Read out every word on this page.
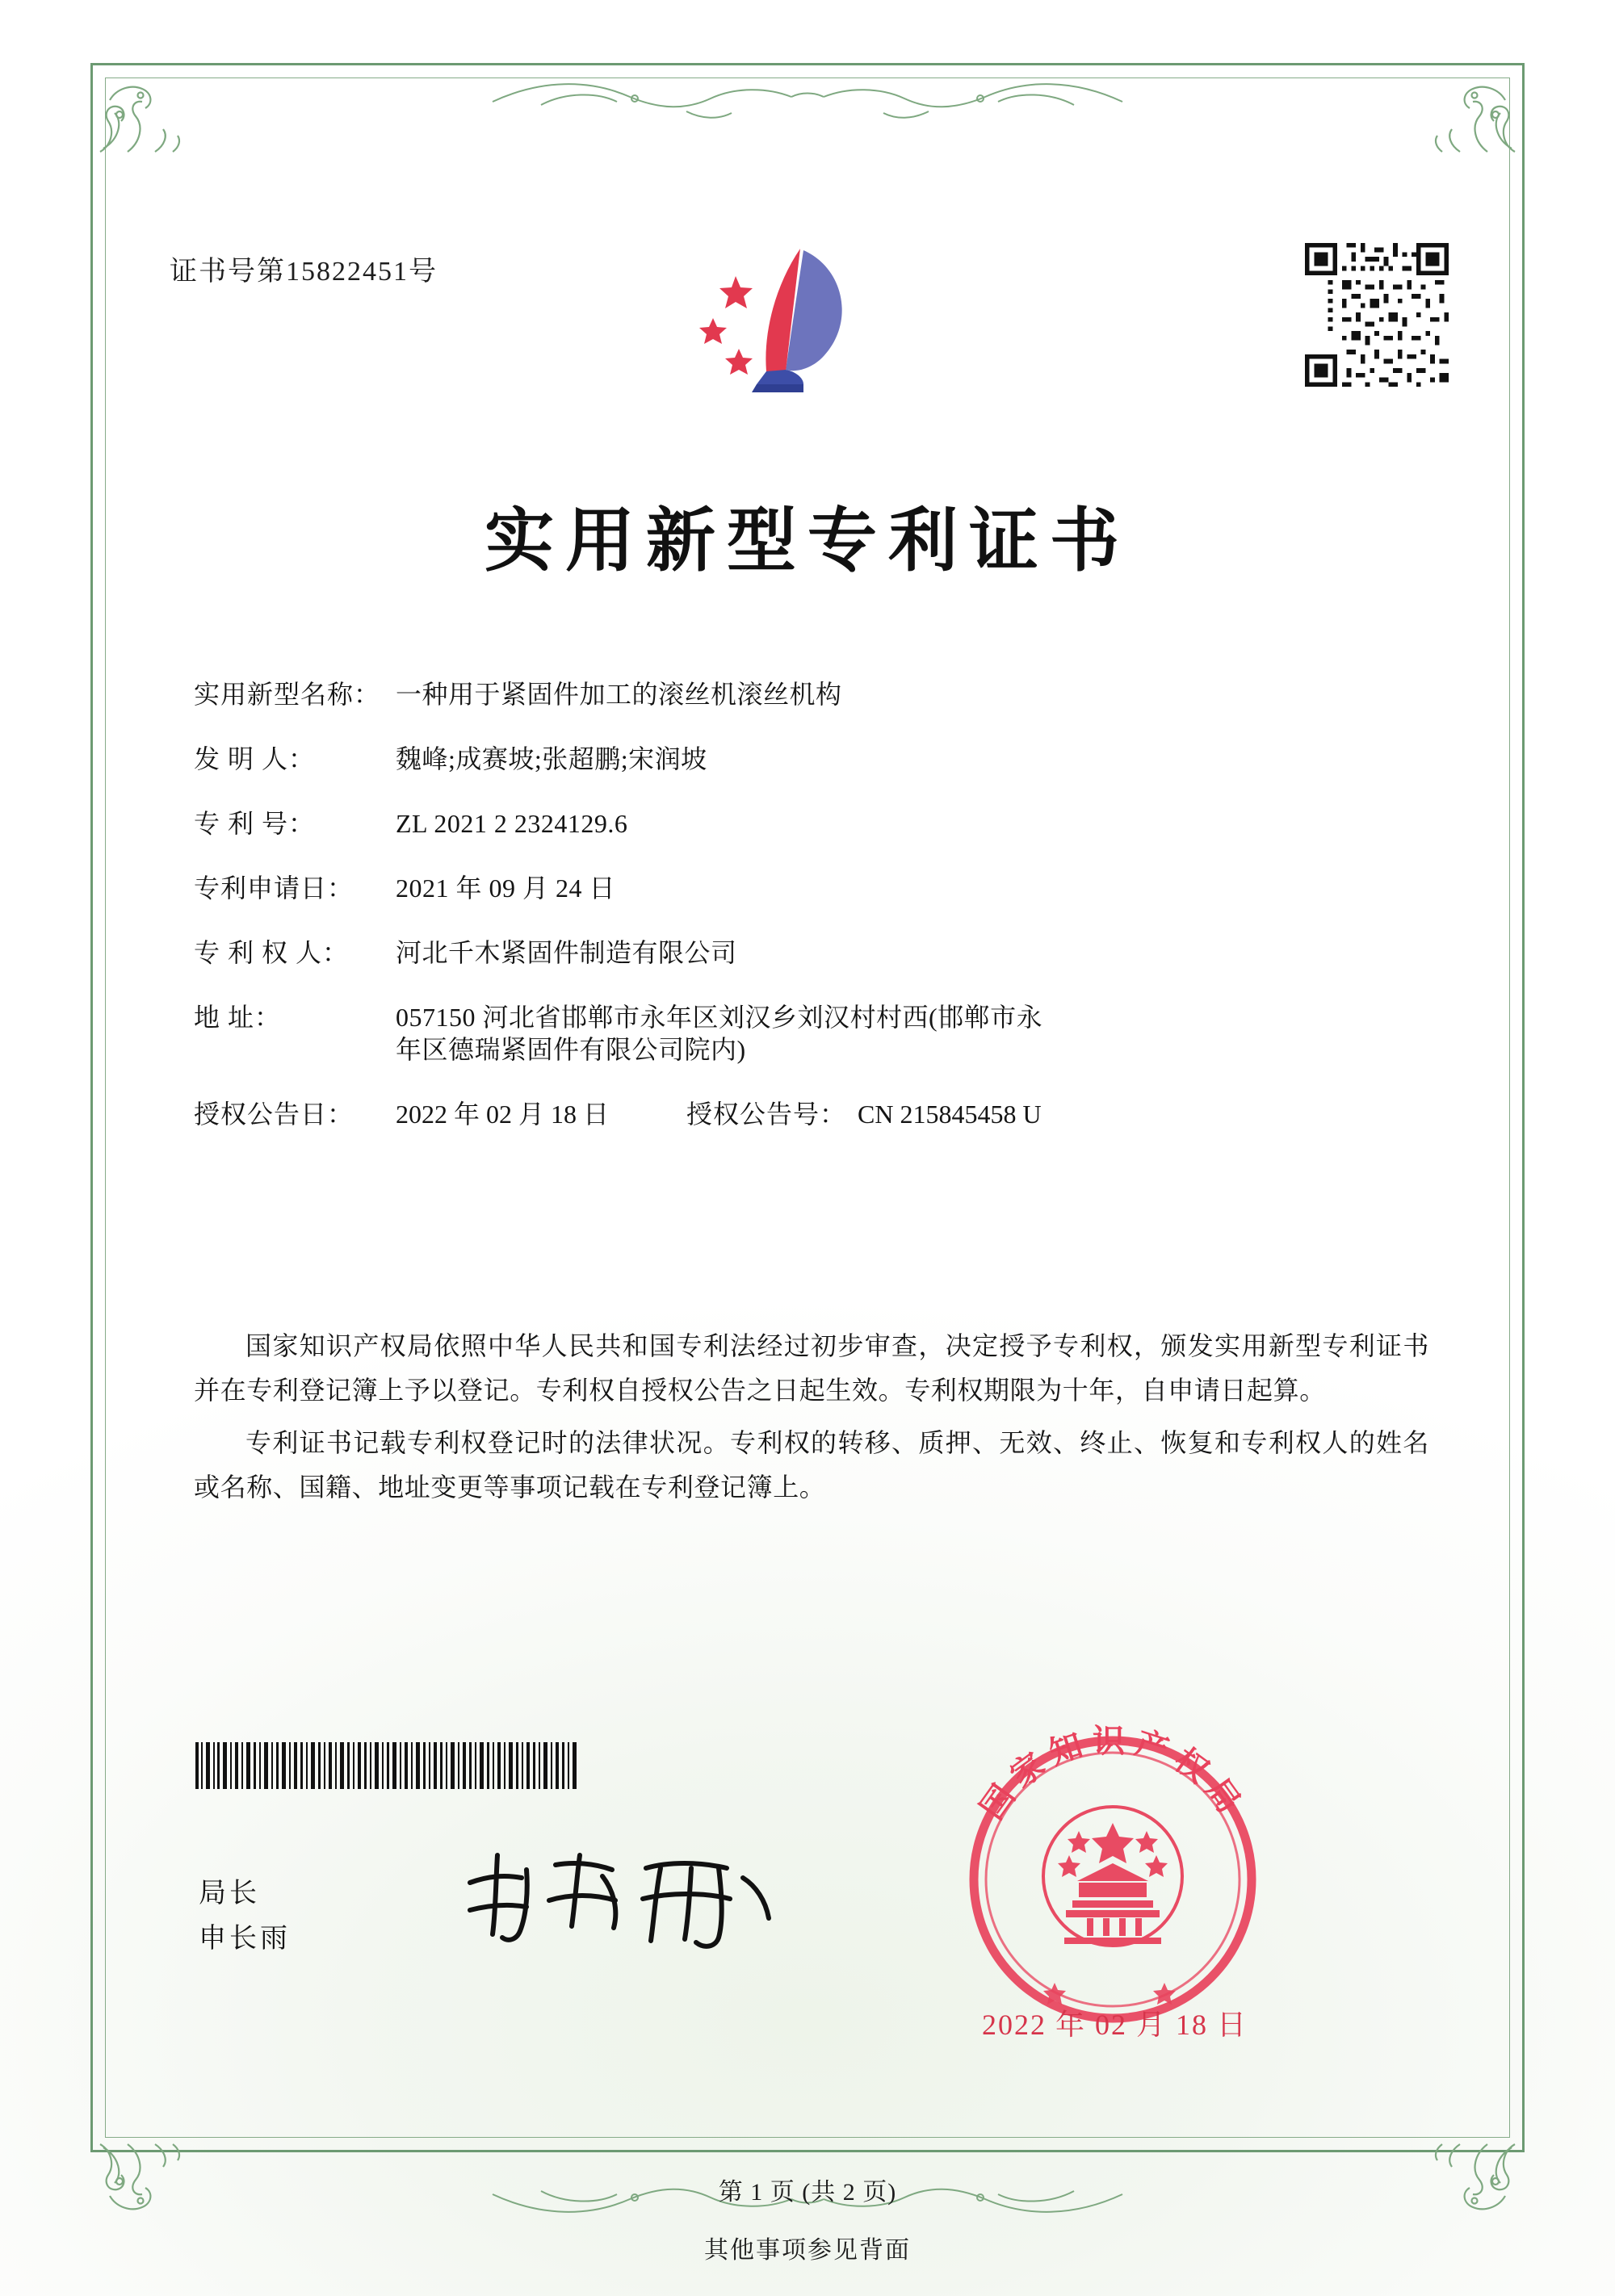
证书号第15822451号
实用新型专利证书
实用新型名称： 一种用于紧固件加工的滚丝机滚丝机构
发 明 人：	魏峰;成赛坡;张超鹏;宋润坡
专 利 号：	ZL 2021 2 2324129.6
专利申请日：	2021 年 09 月 24 日
专 利 权 人：	河北千木紧固件制造有限公司
地 址：	057150 河北省邯郸市永年区刘汉乡刘汉村村西(邯郸市永
年区德瑞紧固件有限公司院内)
授权公告日：	2022 年 02 月 18 日	授权公告号： CN 215845458 U

国家知识产权局依照中华人民共和国专利法经过初步审查，决定授予专利权，颁发实用新型专利证书并在专利登记簿上予以登记。专利权自授权公告之日起生效。专利权期限为十年，自申请日起算。

专利证书记载专利权登记时的法律状况。专利权的转移、质押、无效、终止、恢复和专利权人的姓名或名称、国籍、地址变更等事项记载在专利登记簿上。

局长
申长雨
国家知识产权局
2022 年 02 月 18 日
第 1 页 (共 2 页)
其他事项参见背面
